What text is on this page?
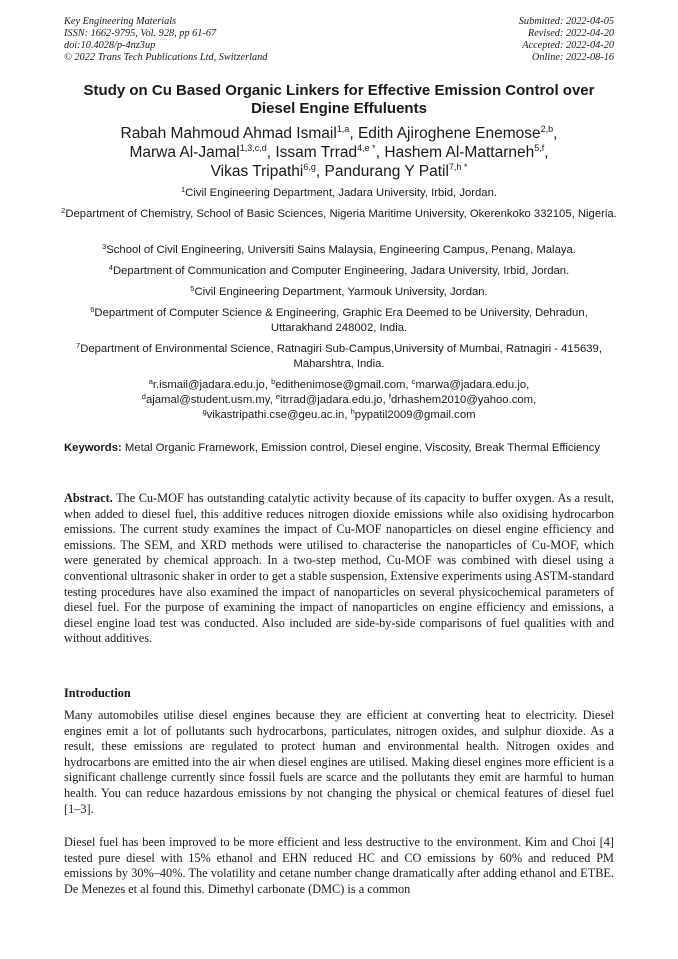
Key Engineering Materials
ISSN: 1662-9795, Vol. 928, pp 61-67
doi:10.4028/p-4nz3up
© 2022 Trans Tech Publications Ltd, Switzerland
Submitted: 2022-04-05
Revised: 2022-04-20
Accepted: 2022-04-20
Online: 2022-08-16
Study on Cu Based Organic Linkers for Effective Emission Control over
Diesel Engine Effuluents
Rabah Mahmoud Ahmad Ismail$^{1,a}$, Edith Ajiroghene Enemose$^{2,b}$,
Marwa Al-Jamal$^{1,3,c,d}$, Issam Trrad$^{4,e *}$, Hashem Al-Mattarneh$^{5,f}$,
Vikas Tripathi$^{6,g}$, Pandurang Y Patil$^{7,h *}$
$^1$Civil Engineering Department, Jadara University, Irbid, Jordan.
$^2$Department of Chemistry, School of Basic Sciences, Nigeria Maritime University, Okerenkoko 332105, Nigeria.
$^3$School of Civil Engineering, Universiti Sains Malaysia, Engineering Campus, Penang, Malaya.
$^4$Department of Communication and Computer Engineering, Jadara University, Irbid, Jordan.
$^5$Civil Engineering Department, Yarmouk University, Jordan.
$^6$Department of Computer Science & Engineering, Graphic Era Deemed to be University, Dehradun, Uttarakhand 248002, India.
$^7$Department of Environmental Science, Ratnagiri Sub-Campus,University of Mumbai, Ratnagiri - 415639, Maharshtra, India.
$^a$r.ismail@jadara.edu.jo, $^b$edithenimose@gmail.com, $^c$marwa@jadara.edu.jo,
$^d$ajamal@student.usm.my, $^e$itrrad@jadara.edu.jo, $^f$drhashem2010@yahoo.com,
$^g$vikastripathi.cse@geu.ac.in, $^h$pypatil2009@gmail.com
Keywords: Metal Organic Framework, Emission control, Diesel engine, Viscosity, Break Thermal Efficiency
Abstract. The Cu-MOF has outstanding catalytic activity because of its capacity to buffer oxygen. As a result, when added to diesel fuel, this additive reduces nitrogen dioxide emissions while also oxidising hydrocarbon emissions. The current study examines the impact of Cu-MOF nanoparticles on diesel engine efficiency and emissions. The SEM, and XRD methods were utilised to characterise the nanoparticles of Cu-MOF, which were generated by chemical approach. In a two-step method, Cu-MOF was combined with diesel using a conventional ultrasonic shaker in order to get a stable suspension, Extensive experiments using ASTM-standard testing procedures have also examined the impact of nanoparticles on several physicochemical parameters of diesel fuel. For the purpose of examining the impact of nanoparticles on engine efficiency and emissions, a diesel engine load test was conducted. Also included are side-by-side comparisons of fuel qualities with and without additives.
Introduction
Many automobiles utilise diesel engines because they are efficient at converting heat to electricity. Diesel engines emit a lot of pollutants such hydrocarbons, particulates, nitrogen oxides, and sulphur dioxide. As a result, these emissions are regulated to protect human and environmental health. Nitrogen oxides and hydrocarbons are emitted into the air when diesel engines are utilised. Making diesel engines more efficient is a significant challenge currently since fossil fuels are scarce and the pollutants they emit are harmful to human health. You can reduce hazardous emissions by not changing the physical or chemical features of diesel fuel [1–3].
Diesel fuel has been improved to be more efficient and less destructive to the environment. Kim and Choi [4] tested pure diesel with 15% ethanol and EHN reduced HC and CO emissions by 60% and reduced PM emissions by 30%–40%. The volatility and cetane number change dramatically after adding ethanol and ETBE. De Menezes et al found this. Dimethyl carbonate (DMC) is a common
